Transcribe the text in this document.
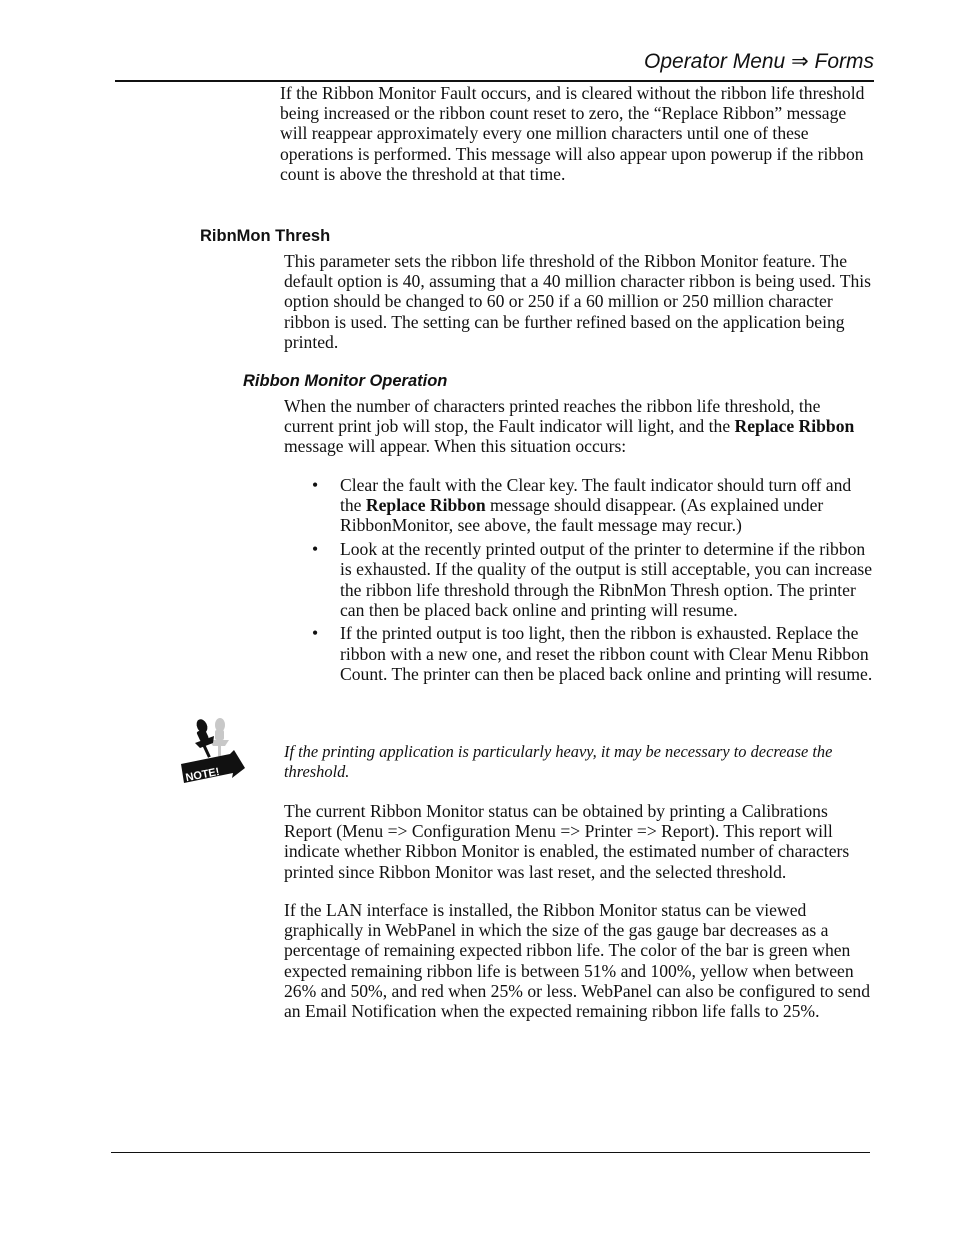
Operator Menu ⇒ Forms

If the Ribbon Monitor Fault occurs, and is cleared without the ribbon life threshold being increased or the ribbon count reset to zero, the “Replace Ribbon” message will reappear approximately every one million characters until one of these operations is performed. This message will also appear upon powerup if the ribbon count is above the threshold at that time.

RibnMon Thresh

This parameter sets the ribbon life threshold of the Ribbon Monitor feature. The default option is 40, assuming that a 40 million character ribbon is being used. This option should be changed to 60 or 250 if a 60 million or 250 million character ribbon is used. The setting can be further refined based on the application being printed.

Ribbon Monitor Operation

When the number of characters printed reaches the ribbon life threshold, the current print job will stop, the Fault indicator will light, and the Replace Ribbon message will appear. When this situation occurs:

• Clear the fault with the Clear key. The fault indicator should turn off and the Replace Ribbon message should disappear. (As explained under RibbonMonitor, see above, the fault message may recur.)
• Look at the recently printed output of the printer to determine if the ribbon is exhausted. If the quality of the output is still acceptable, you can increase the ribbon life threshold through the RibnMon Thresh option. The printer can then be placed back online and printing will resume.
• If the printed output is too light, then the ribbon is exhausted. Replace the ribbon with a new one, and reset the ribbon count with Clear Menu Ribbon Count. The printer can then be placed back online and printing will resume.
NOTE!

If the printing application is particularly heavy, it may be necessary to decrease the threshold.

The current Ribbon Monitor status can be obtained by printing a Calibrations Report (Menu => Configuration Menu => Printer => Report). This report will indicate whether Ribbon Monitor is enabled, the estimated number of characters printed since Ribbon Monitor was last reset, and the selected threshold.

If the LAN interface is installed, the Ribbon Monitor status can be viewed graphically in WebPanel in which the size of the gas gauge bar decreases as a percentage of remaining expected ribbon life. The color of the bar is green when expected remaining ribbon life is between 51% and 100%, yellow when between 26% and 50%, and red when 25% or less. WebPanel can also be configured to send an Email Notification when the expected remaining ribbon life falls to 25%.
